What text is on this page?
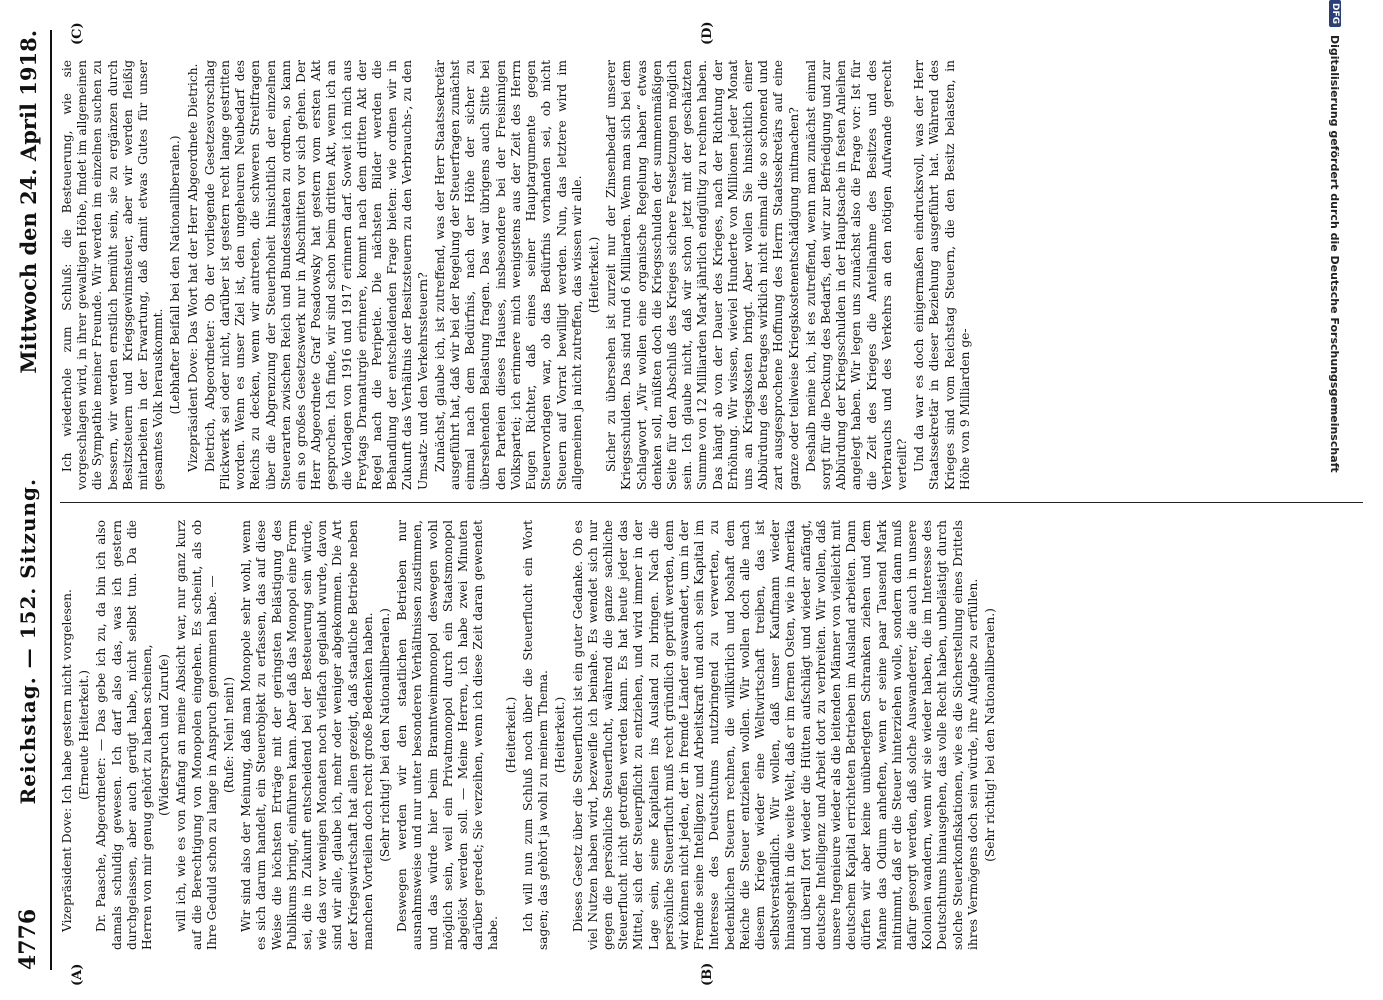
4776
Reichstag. — 152. Sitzung.
Mittwoch den 24. April 1918.
(A)	(B)
(C)	(D)

Vizepräsident Dove: Ich habe gestern nicht vorgelesen. (Erneute Heiterkeit.) Dr. Paasche, Abgeordneter: — Das gebe ich zu, da bin ich also damals schuldig gewesen. Ich darf also das, was ich gestern durchgelassen, aber auch gerügt habe, nicht selbst tun. Da die Herren von mir genug gehört zu haben scheinen, (Widerspruch und Zurufe) will ich, wie es von Anfang an meine Absicht war, nur ganz kurz auf die Berechtigung von Monopolen eingehen. Es scheint, als ob Ihre Geduld schon zu lange in Anspruch genommen habe. — (Rufe: Nein! nein!) Wir sind also der Meinung, daß man Monopole sehr wohl, wenn es sich darum handelt, ein Steuerobjekt zu erfassen, das auf diese Weise die höchsten Erträge mit der geringsten Belästigung des Publikums bringt, einführen kann. Aber daß das Monopol eine Form sei, die in Zukunft entscheidend bei der Besteuerung sein würde, wie das vor wenigen Monaten noch vielfach geglaubt wurde, davon sind wir alle, glaube ich, mehr oder weniger abgekommen. Die Art der Kriegswirtschaft hat allen gezeigt, daß staatliche Betriebe neben manchen Vorteilen doch recht große Bedenken haben. (Sehr richtig! bei den Nationalliberalen.) Deswegen werden wir den staatlichen Betrieben nur ausnahmsweise und nur unter besonderen Verhältnissen zustimmen, und das würde hier beim Branntweinmonopol deswegen wohl möglich sein, weil ein Privatmonopol durch ein Staatsmonopol abgelöst werden soll. — Meine Herren, ich habe zwei Minuten darüber geredet; Sie verzeihen, wenn ich diese Zeit daran gewendet habe.

(Heiterkeit.) Ich will nun zum Schluß noch über die Steuerflucht ein Wort sagen; das gehört ja wohl zu meinem Thema. (Heiterkeit.) Dieses Gesetz über die Steuerflucht ist ein guter Gedanke. Ob es viel Nutzen haben wird, bezweifle ich beinahe. Es wendet sich nur gegen die persönliche Steuerflucht, während die ganze sachliche Steuerflucht nicht getroffen werden kann. Es hat heute jeder das Mittel, sich der Steuerpflicht zu entziehen, und wird immer in der Lage sein, seine Kapitalien ins Ausland zu bringen. Nach die persönliche Steuerflucht muß recht gründlich geprüft werden, denn wir können nicht jeden, der in fremde Länder auswandert, um in der Fremde seine Intelligenz und Arbeitskraft und auch sein Kapital im Interesse des Deutschtums nutzbringend zu verwerten, zu bedenklichen Steuern rechnen, die willkürlich und boshaft dem Reiche die Steuer entziehen wollen. Wir wollen doch alle nach diesem Kriege wieder eine Weltwirtschaft treiben, das ist selbstverständlich. Wir wollen, daß unser Kaufmann wieder hinausgeht in die weite Welt, daß er im fernen Osten, wie in Amerika und überall fort wieder die Hütten aufschlägt und wieder anfängt, deutsche Intelligenz und Arbeit dort zu verbreiten. Wir wollen, daß unsere Ingenieure wieder als die leitenden Männer von vielleicht mit deutschem Kapital errichteten Betrieben im Ausland arbeiten. Dann dürfen wir aber keine unüberlegten Schranken ziehen und dem Manne das Odium anheften, wenn er seine paar Tausend Mark mitnimmt, daß er die Steuer hinterziehen wolle, sondern dann muß dafür gesorgt werden, daß solche Auswanderer, die auch in unsere Kolonien wandern, wenn wir sie wieder haben, die im Interesse des Deutschtums hinausgehen, das volle Recht haben, unbelästigt durch solche Steuerkonfiskationen, wie es die Sicherstellung eines Drittels ihres Vermögens doch sein würde, ihre Aufgabe zu erfüllen. (Sehr richtig! bei den Nationalliberalen.)

Ich wiederhole zum Schluß: die Besteuerung, wie sie vorgeschlagen wird, in ihrer gewaltigen Höhe, findet im allgemeinen die Sympathie meiner Freunde. Wir werden im einzelnen suchen zu bessern, wir werden ernstlich bemüht sein, sie zu ergänzen durch Besitzsteuern und Kriegsgewinnsteuer, aber wir werden fleißig mitarbeiten in der Erwartung, daß damit etwas Gutes für unser gesamtes Volk herauskommt. (Lebhafter Beifall bei den Nationalliberalen.) Vizepräsident Dove: Das Wort hat der Herr Abgeordnete Dietrich. Dietrich, Abgeordneter: Ob der vorliegende Gesetzesvorschlag Flickwerk sei oder nicht, darüber ist gestern recht lange gestritten worden. Wenn es unser Ziel ist, den ungeheuren Neubedarf des Reichs zu decken, wenn wir antreten, die schweren Streitfragen über die Abgrenzung der Steuerhoheit hinsichtlich der einzelnen Steuerarten zwischen Reich und Bundesstaaten zu ordnen, so kann ein so großes Gesetzeswerk nur in Abschnitten vor sich gehen. Der Herr Abgeordnete Graf Posadowsky hat gestern vom ersten Akt gesprochen. Ich finde, wir sind schon beim dritten Akt, wenn ich an die Vorlagen von 1916 und 1917 erinnern darf. Soweit ich mich aus Freytags Dramaturgie erinnere, kommt nach dem dritten Akt der Regel nach die Peripetie. Die nächsten Bilder werden die Behandlung der entscheidenden Frage bieten: wie ordnen wir in Zukunft das Verhältnis der Besitzsteuern zu den Verbrauchs-, zu den Umsatz- und den Verkehrssteuern? Zunächst, glaube ich, ist zutreffend, was der Herr Staatssekretär ausgeführt hat, daß wir bei der Regelung der Steuerfragen zunächst einmal nach dem Bedürfnis, nach der Höhe der sicher zu übersehenden Belastung fragen. Das war übrigens auch Sitte bei den Parteien dieses Hauses, insbesondere bei der Freisinnigen Volkspartei; ich erinnere mich wenigstens aus der Zeit des Herrn Eugen Richter, daß eines seiner Hauptargumente gegen Steuervorlagen war, ob das Bedürfnis vorhanden sei, ob nicht Steuern auf Vorrat bewilligt werden. Nun, das letztere wird im allgemeinen ja nicht zutreffen, das wissen wir alle. (Heiterkeit.) Sicher zu übersehen ist zurzeit nur der Zinsenbedarf unserer Kriegsschulden. Das sind rund 6 Milliarden. Wenn man sich bei dem Schlagwort „Wir wollen eine organische Regelung haben“ etwas denken soll, müßten doch die Kriegsschulden der summenmäßigen Seite für den Abschluß des Krieges sichere Festsetzungen möglich sein. Ich glaube nicht, daß wir schon jetzt mit der geschätzten Summe von 12 Milliarden Mark jährlich endgültig zu rechnen haben. Das hängt ab von der Dauer des Krieges, nach der Richtung der Erhöhung. Wir wissen, wieviel Hunderte von Millionen jeder Monat uns an Kriegskosten bringt. Aber wollen Sie hinsichtlich einer Abbürdung des Betrages wirklich nicht einmal die so schonend und zart ausgesprochene Hoffnung des Herrn Staatssekretärs auf eine ganze oder teilweise Kriegskostenentschädigung mitmachen? Deshalb meine ich, ist es zutreffend, wenn man zunächst einmal sorgt für die Deckung des Bedarfs, den wir zur Befriedigung und zur Abbürdung der Kriegsschulden in der Hauptsache in festen Anleihen angelegt haben. Wir legen uns zunächst also die Frage vor: Ist für die Zeit des Krieges die Anteilnahme des Besitzes und des Verbrauchs und des Verkehrs an den nötigen Aufwande gerecht verteilt? Und da war es doch einigermaßen eindrucksvoll, was der Herr Staatssekretär in dieser Beziehung ausgeführt hat. Während des Krieges sind vom Reichstag Steuern, die den Besitz belasten, in Höhe von 9 Milliarden ge-

DFG
Digitalisierung gefördert durch die Deutsche Forschungsgemeinschaft
